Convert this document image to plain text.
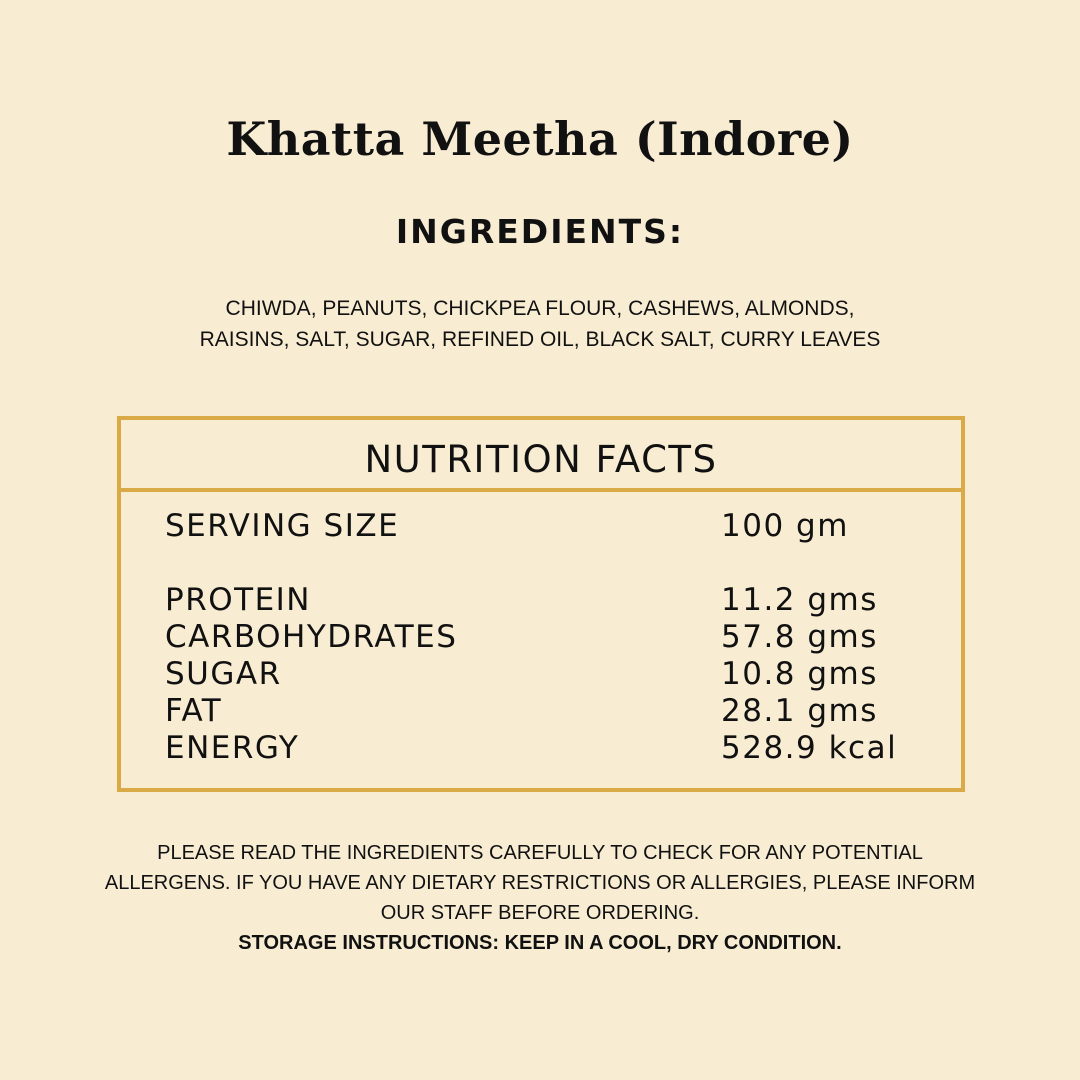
Khatta Meetha (Indore)
INGREDIENTS:
CHIWDA, PEANUTS, CHICKPEA FLOUR, CASHEWS, ALMONDS,
RAISINS, SALT, SUGAR, REFINED OIL, BLACK SALT, CURRY LEAVES
NUTRITION FACTS
SERVING SIZE	100 gm
PROTEIN	11.2 gms
CARBOHYDRATES	57.8 gms
SUGAR	10.8 gms
FAT	28.1 gms
ENERGY	528.9 kcal
PLEASE READ THE INGREDIENTS CAREFULLY TO CHECK FOR ANY POTENTIAL
ALLERGENS. IF YOU HAVE ANY DIETARY RESTRICTIONS OR ALLERGIES, PLEASE INFORM
OUR STAFF BEFORE ORDERING.
STORAGE INSTRUCTIONS: KEEP IN A COOL, DRY CONDITION.
